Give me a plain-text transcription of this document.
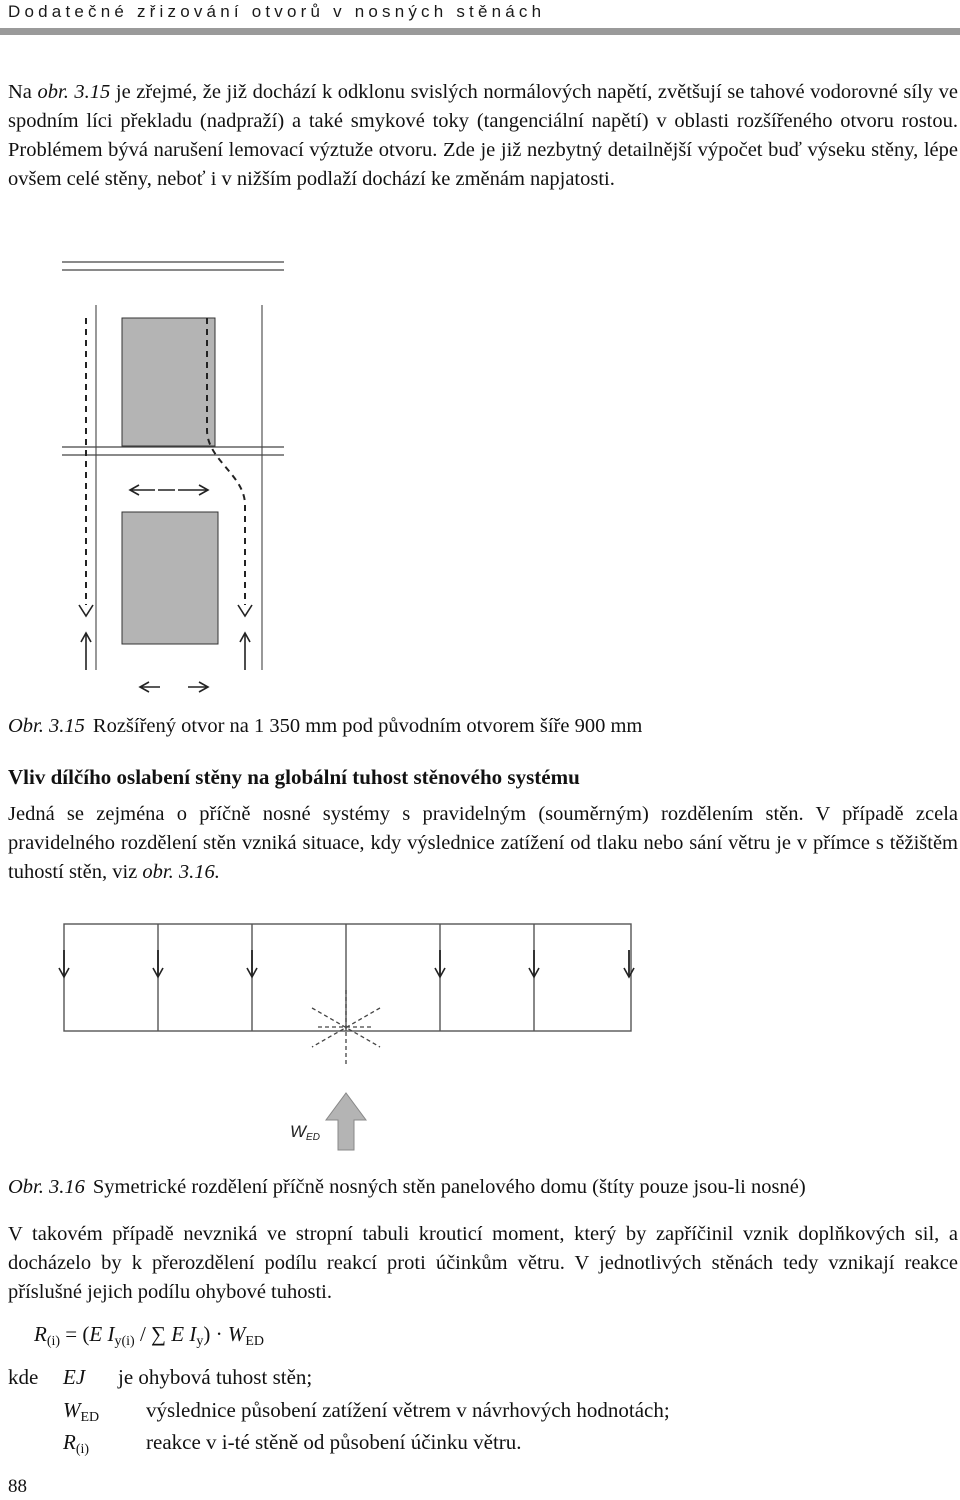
Dodatečné zřizování otvorů v nosných stěnách

Na obr. 3.15 je zřejmé, že již dochází k odklonu svislých normálových napětí, zvětšují se tahové vodorovné síly ve spodním líci překladu (nadpraží) a také smykové toky (tangenciální napětí) v oblasti rozšířeného otvoru rostou. Problémem bývá narušení lemovací výztuže otvoru. Zde je již nezbytný detailnější výpočet buď výseku stěny, lépe ovšem celé stěny, neboť i v nižším podlaží dochází ke změnám napjatosti.

Obr. 3.15 Rozšířený otvor na 1 350 mm pod původním otvorem šíře 900 mm

Vliv dílčího oslabení stěny na globální tuhost stěnového systému

Jedná se zejména o příčně nosné systémy s pravidelným (souměrným) rozdělením stěn. V případě zcela pravidelného rozdělení stěn vzniká situace, kdy výslednice zatížení od tlaku nebo sání větru je v přímce s těžištěm tuhostí stěn, viz obr. 3.16.

WED

Obr. 3.16 Symetrické rozdělení příčně nosných stěn panelového domu (štíty pouze jsou-li nosné)

V takovém případě nevzniká ve stropní tabuli krouticí moment, který by zapříčinil vznik doplňkových sil, a docházelo by k přerozdělení podílu reakcí proti účinkům větru. V jednotlivých stěnách tedy vznikají reakce příslušné jejich podílu ohybové tuhosti.

$R_{(i)} = (E$ $I_{y(i)}$ / ∑ E $I_y) \cdot W_{ED}$
kde EJ je ohybová tuhost stěn;
$W_{ED}$ výslednice působení zatížení větrem v návrhových hodnotách;
$R_{(i)}$	reakce v i-té stěně od působení účinku větru.
88
